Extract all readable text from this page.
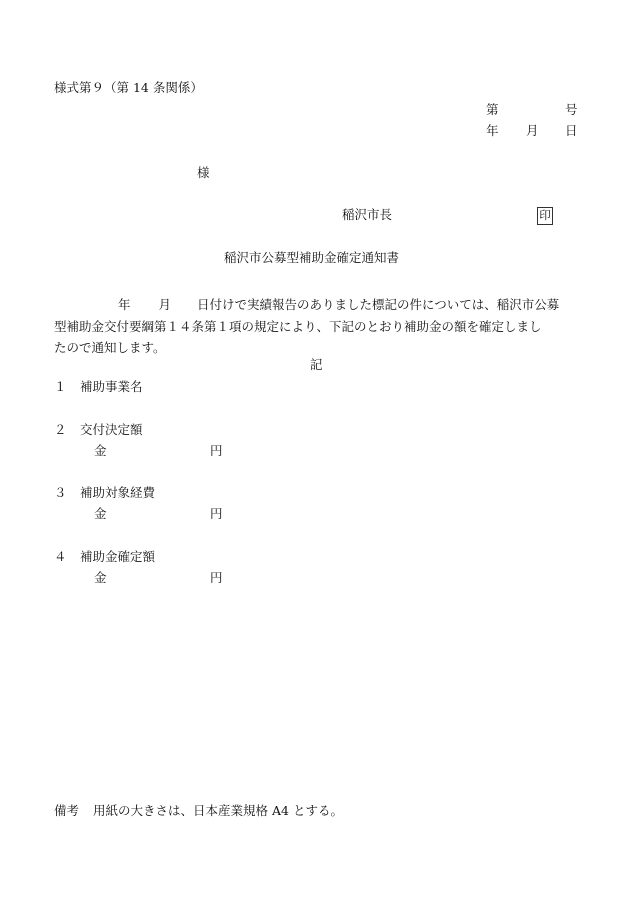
様式第９（第 14 条関係）
第	号
年 月 日
様
稲沢市長	印
稲沢市公募型補助金確定通知書

年 月 日付けで実績報告のありました標記の件については、稲沢市公募

型補助金交付要綱第１４条第１項の規定により、下記のとおり補助金の額を確定しまし

たので通知します。

記
１ 補助事業名
２ 交付決定額
金	円
３ 補助対象経費
金	円
４ 補助金確定額
金	円
備考 用紙の大きさは、日本産業規格 A4 とする。
